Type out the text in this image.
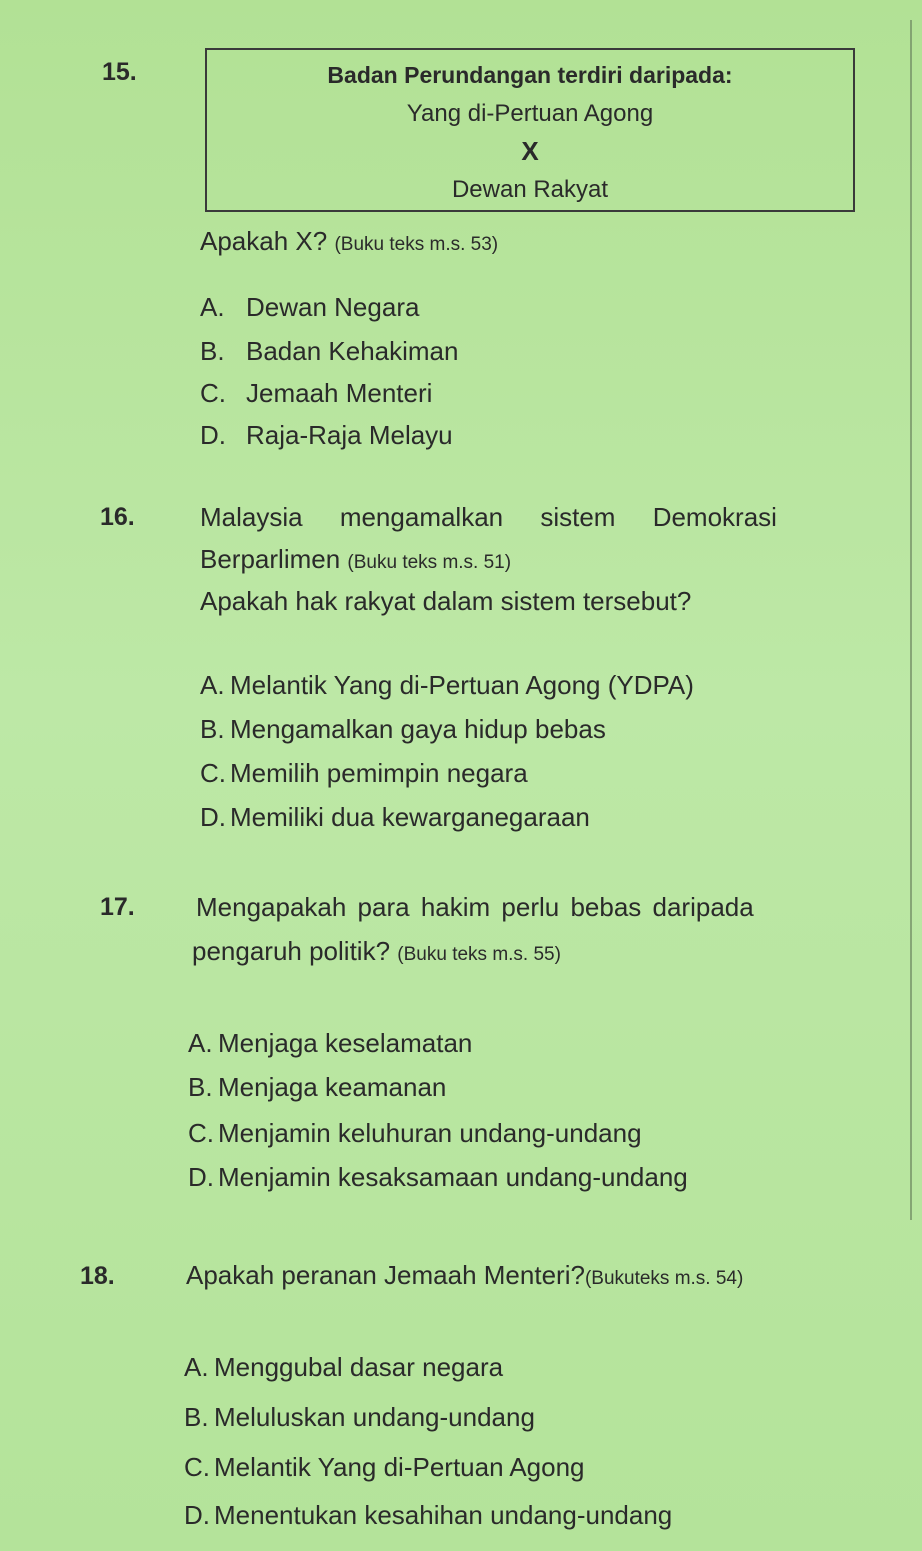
15.	Badan Perundangan terdiri daripada:
Yang di-Pertuan Agong
X
Dewan Rakyat
Apakah X? (Buku teks m.s. 53)
A. Dewan Negara
B. Badan Kehakiman
C. Jemaah Menteri
D. Raja-Raja Melayu
16.	Malaysia mengamalkan sistem Demokrasi
Berparlimen (Buku teks m.s. 51)
Apakah hak rakyat dalam sistem tersebut?
A. Melantik Yang di-Pertuan Agong (YDPA)
B. Mengamalkan gaya hidup bebas
C. Memilih pemimpin negara
D. Memiliki dua kewarganegaraan
17. Mengapakah para hakim perlu bebas daripada
pengaruh politik? (Buku teks m.s. 55)
A. Menjaga keselamatan
B. Menjaga keamanan
C. Menjamin keluhuran undang-undang
D. Menjamin kesaksamaan undang-undang
18.	Apakah peranan Jemaah Menteri?(Bukuteks m.s. 54)
A. Menggubal dasar negara
B. Meluluskan undang-undang
C. Melantik Yang di-Pertuan Agong
D. Menentukan kesahihan undang-undang
